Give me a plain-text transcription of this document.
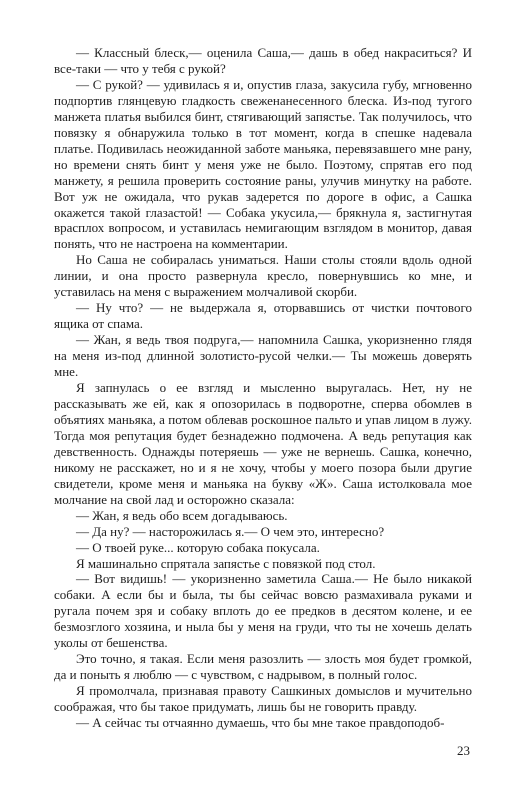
— Классный блеск,— оценила Саша,— дашь в обед накраситься? И все-таки — что у тебя с рукой?

— С рукой? — удивилась я и, опустив глаза, закусила губу, мгновенно подпортив глянцевую гладкость свеженанесенного блеска. Из-под тугого манжета платья выбился бинт, стягивающий запястье. Так получилось, что повязку я обнаружила только в тот момент, когда в спешке надевала платье. Подивилась неожиданной заботе маньяка, перевязавшего мне рану, но времени снять бинт у меня уже не было. Поэтому, спрятав его под манжету, я решила проверить состояние раны, улучив минутку на работе. Вот уж не ожидала, что рукав задерется по дороге в офис, а Сашка окажется такой глазастой! — Собака укусила,— брякнула я, застигнутая врасплох вопросом, и уставилась немигающим взглядом в монитор, давая понять, что не настроена на комментарии.

Но Саша не собиралась униматься. Наши столы стояли вдоль одной линии, и она просто развернула кресло, повернувшись ко мне, и уставилась на меня с выражением молчаливой скорби.

— Ну что? — не выдержала я, оторвавшись от чистки почтового ящика от спама.

— Жан, я ведь твоя подруга,— напомнила Сашка, укоризненно глядя на меня из-под длинной золотисто-русой челки.— Ты можешь доверять мне.

Я запнулась о ее взгляд и мысленно выругалась. Нет, ну не рассказывать же ей, как я опозорилась в подворотне, сперва обомлев в объятиях маньяка, а потом облевав роскошное пальто и упав лицом в лужу. Тогда моя репутация будет безнадежно подмочена. А ведь репутация как девственность. Однажды потеряешь — уже не вернешь. Сашка, конечно, никому не расскажет, но и я не хочу, чтобы у моего позора были другие свидетели, кроме меня и маньяка на букву «Ж». Саша истолковала мое молчание на свой лад и осторожно сказала:

— Жан, я ведь обо всем догадываюсь.

— Да ну? — насторожилась я.— О чем это, интересно?

— О твоей руке... которую собака покусала.

Я машинально спрятала запястье с повязкой под стол.

— Вот видишь! — укоризненно заметила Саша.— Не было никакой собаки. А если бы и была, ты бы сейчас вовсю размахивала руками и ругала почем зря и собаку вплоть до ее предков в десятом колене, и ее безмозглого хозяина, и ныла бы у меня на груди, что ты не хочешь делать уколы от бешенства.

Это точно, я такая. Если меня разозлить — злость моя будет громкой, да и поныть я люблю — с чувством, с надрывом, в полный голос.

Я промолчала, признавая правоту Сашкиных домыслов и мучительно соображая, что бы такое придумать, лишь бы не говорить правду.

— А сейчас ты отчаянно думаешь, что бы мне такое правдоподоб-

23
